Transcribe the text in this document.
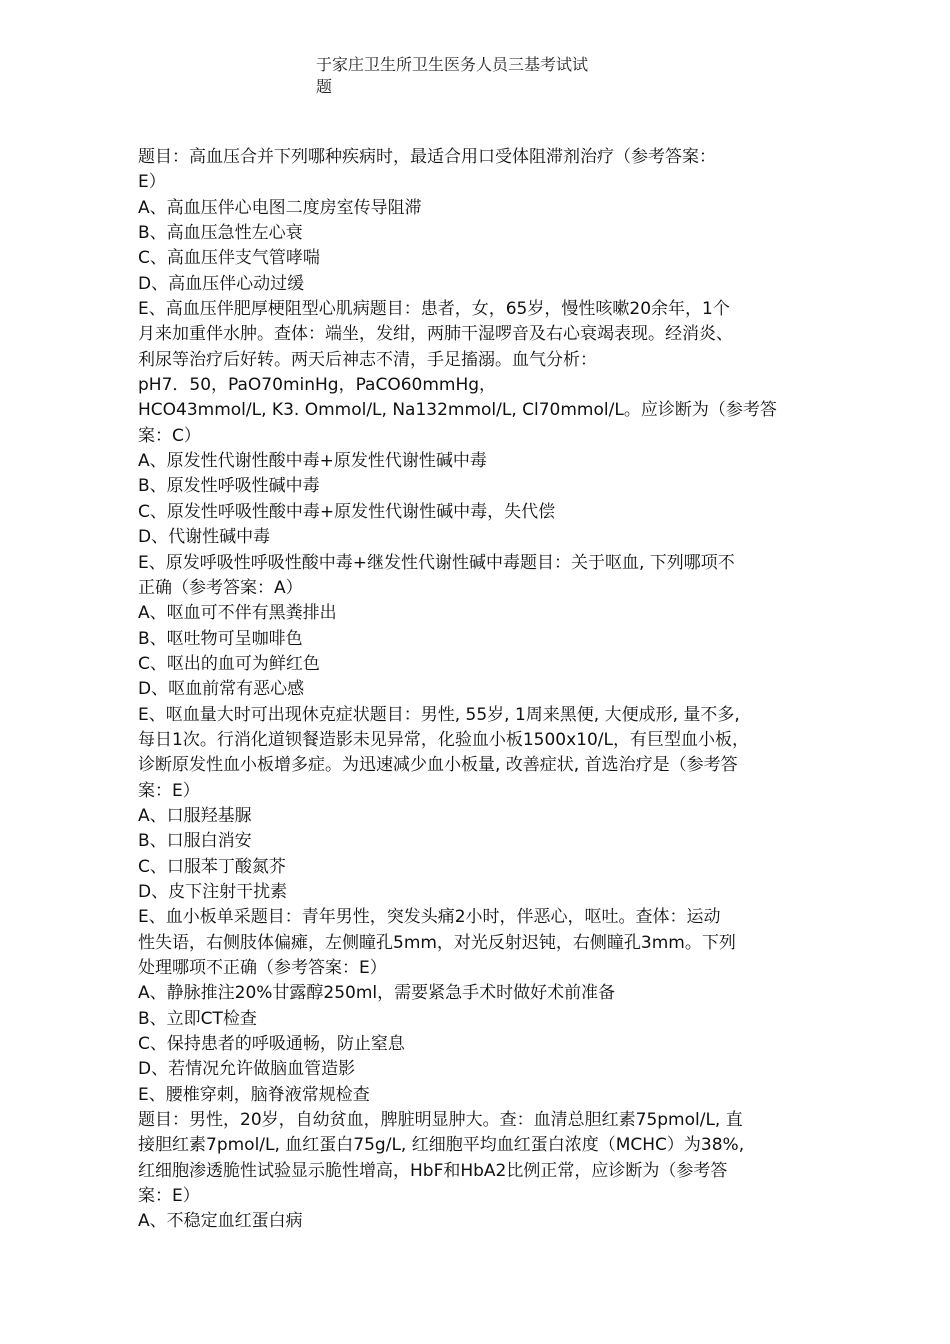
于家庄卫生所卫生医务人员三基考试试
题
题目：高血压合并下列哪种疾病时，最适合用口受体阻滞剂治疗（参考答案：
E）
A、高血压伴心电图二度房室传导阻滞
B、高血压急性左心衰
C、高血压伴支气管哮喘
D、高血压伴心动过缓
E、高血压伴肥厚梗阻型心肌病题目：患者，女，65岁，慢性咳嗽20余年，1个
月来加重伴水肿。查体：端坐，发绀，两肺干湿啰音及右心衰竭表现。经消炎、
利尿等治疗后好转。两天后神志不清，手足搐溺。血气分析：
pH7．50，PaO70minHg，PaCO60mmHg，
HCO43mmol/L, K3. Ommol/L, Na132mmol/L, Cl70mmol/L。应诊断为（参考答
案：C）
A、原发性代谢性酸中毒+原发性代谢性碱中毒
B、原发性呼吸性碱中毒
C、原发性呼吸性酸中毒+原发性代谢性碱中毒，失代偿
D、代谢性碱中毒
E、原发呼吸性呼吸性酸中毒+继发性代谢性碱中毒题目：关于呕血, 下列哪项不
正确（参考答案：A）
A、呕血可不伴有黑粪排出
B、呕吐物可呈咖啡色
C、呕出的血可为鲜红色
D、呕血前常有恶心感
E、呕血量大时可出现休克症状题目：男性, 55岁, 1周来黑便, 大便成形, 量不多,
每日1次。行消化道钡餐造影未见异常，化验血小板1500x10/L，有巨型血小板，
诊断原发性血小板增多症。为迅速减少血小板量, 改善症状, 首选治疗是（参考答
案：E）
A、口服羟基脲
B、口服白消安
C、口服苯丁酸氮芥
D、皮下注射干扰素
E、血小板单采题目：青年男性，突发头痛2小时，伴恶心，呕吐。查体：运动
性失语，右侧肢体偏瘫，左侧瞳孔5mm，对光反射迟钝，右侧瞳孔3mm。下列
处理哪项不正确（参考答案：E）
A、静脉推注20%甘露醇250ml，需要紧急手术时做好术前准备
B、立即CT检查
C、保持患者的呼吸通畅，防止窒息
D、若情况允许做脑血管造影
E、腰椎穿刺，脑脊液常规检查
题目：男性，20岁，自幼贫血，脾脏明显肿大。查：血清总胆红素75pmol/L, 直
接胆红素7pmol/L, 血红蛋白75g/L, 红细胞平均血红蛋白浓度（MCHC）为38%,
红细胞渗透脆性试验显示脆性增高，HbF和HbA2比例正常，应诊断为（参考答
案：E）
A、不稳定血红蛋白病
